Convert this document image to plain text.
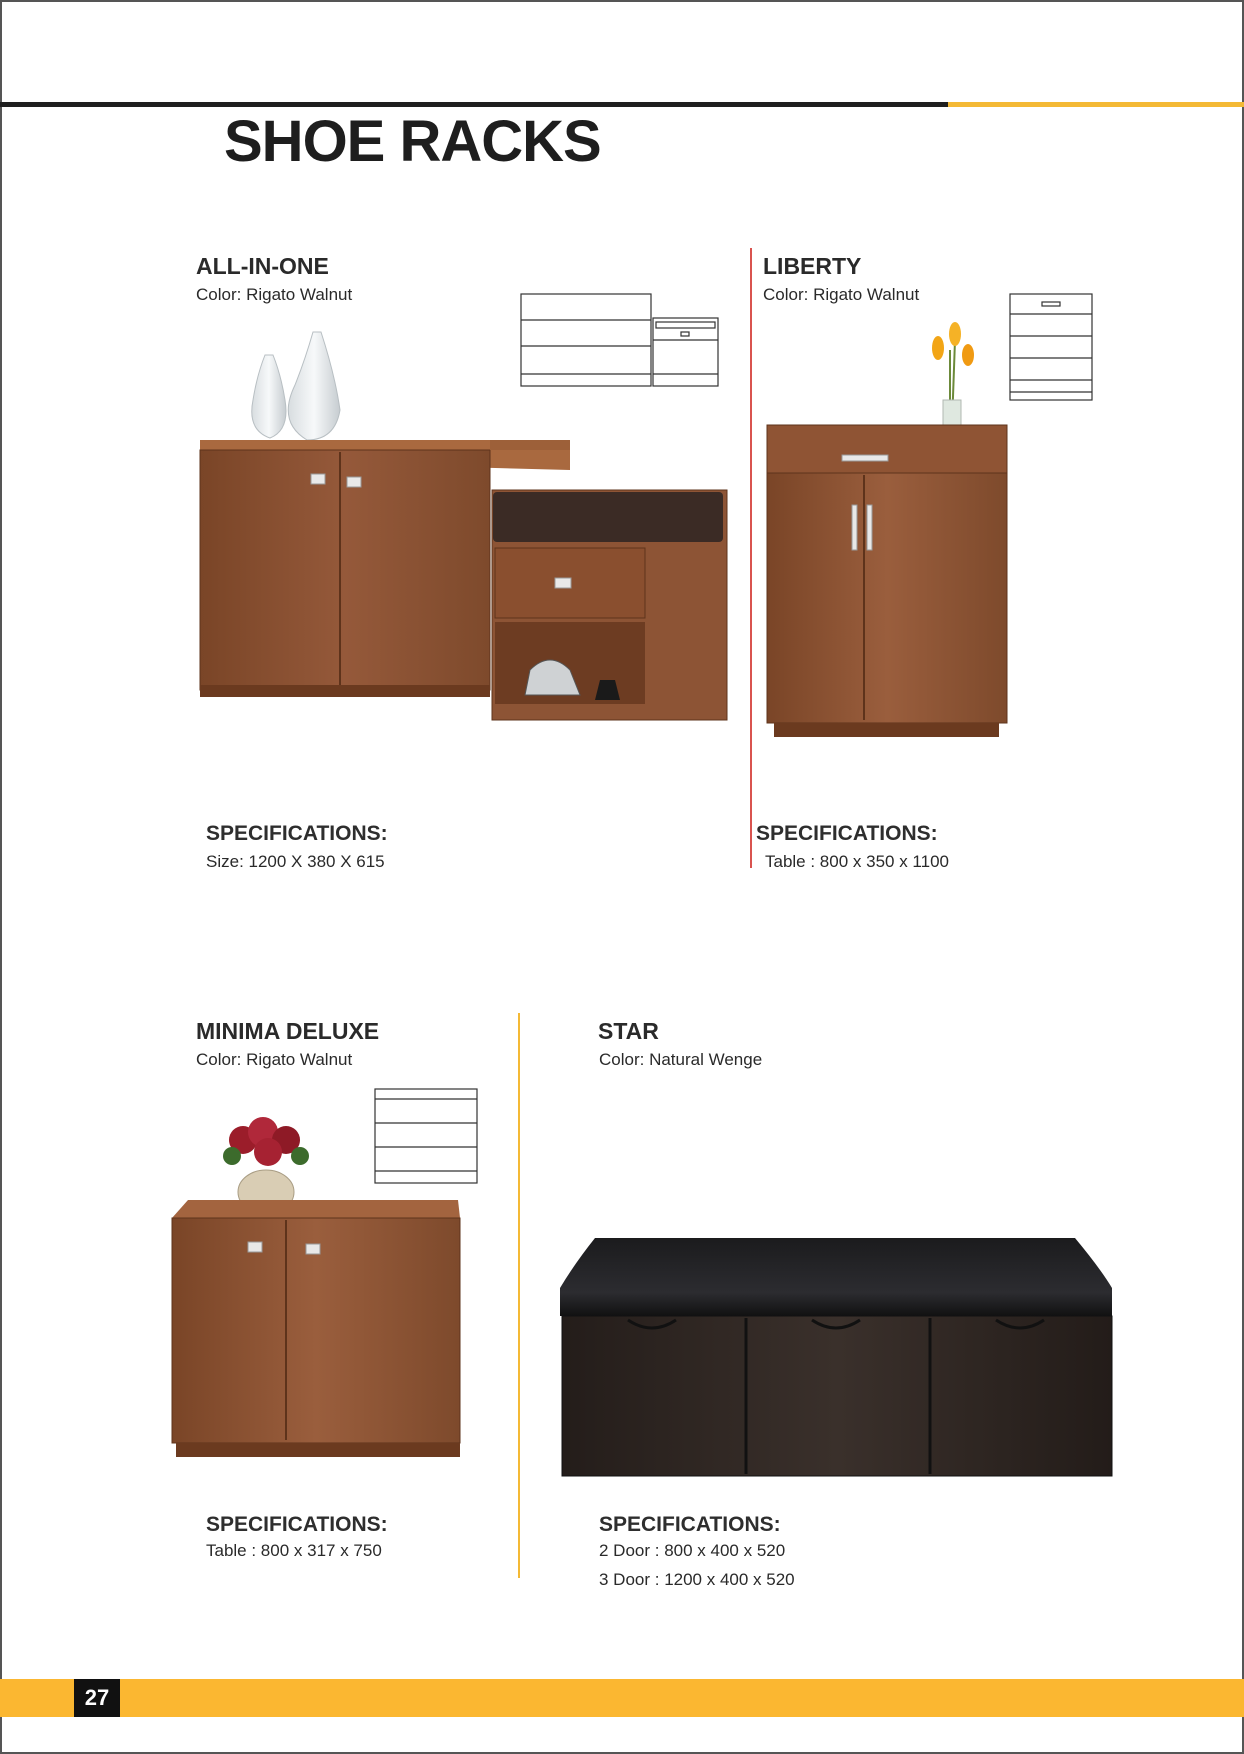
SHOE RACKS
ALL-IN-ONE
Color: Rigato Walnut
SPECIFICATIONS:
Size: 1200 X 380 X 615
LIBERTY
Color: Rigato Walnut
SPECIFICATIONS:
Table : 800 x 350 x 1100
MINIMA DELUXE
Color: Rigato Walnut
SPECIFICATIONS:
Table : 800 x 317 x 750
STAR
Color: Natural Wenge
SPECIFICATIONS:
2 Door : 800 x 400 x 520
3 Door : 1200 x 400 x 520
27
